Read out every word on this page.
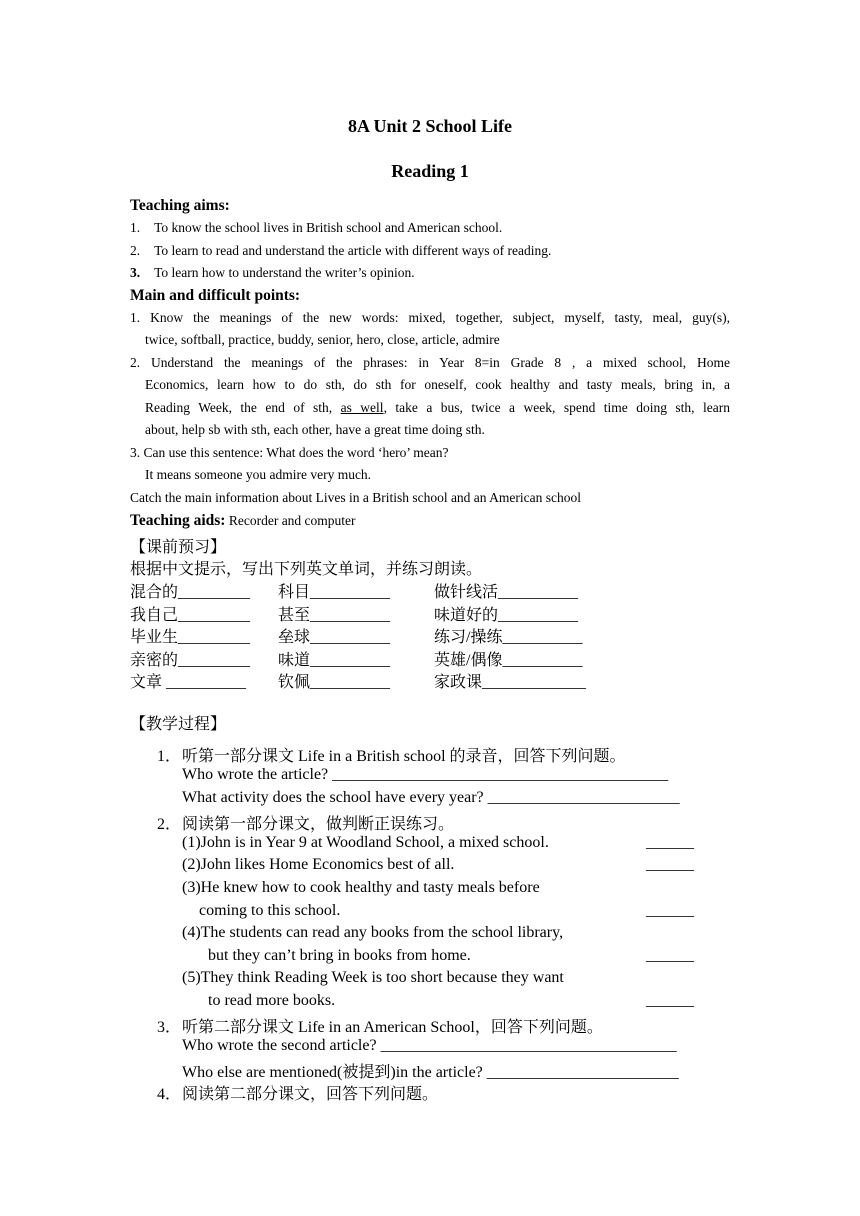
8A Unit 2 School Life
Reading 1
Teaching aims:
1. To know the school lives in British school and American school.
2. To learn to read and understand the article with different ways of reading.
3. To learn how to understand the writer’s opinion.
Main and difficult points:
1. Know the meanings of the new words: mixed, together, subject, myself, tasty, meal, guy(s),
twice, softball, practice, buddy, senior, hero, close, article, admire
2. Understand the meanings of the phrases: in Year 8=in Grade 8 , a mixed school, Home
Economics, learn how to do sth, do sth for oneself, cook healthy and tasty meals, bring in, a
Reading Week, the end of sth, as well, take a bus, twice a week, spend time doing sth, learn
about, help sb with sth, each other, have a great time doing sth.
3. Can use this sentence: What does the word ‘hero’ mean?
It means someone you admire very much.
Catch the main information about Lives in a British school and an American school
Teaching aids: Recorder and computer
【课前预习】
根据中文提示，写出下列英文单词，并练习朗读。
混合的_________ 科目__________	做针线活__________
我自己_________ 甚至__________	味道好的__________
毕业生_________ 垒球__________	练习/操练__________
亲密的_________ 味道__________	英雄/偶像__________
文章 __________ 钦佩__________	家政课_____________
【教学过程】
1． 听第一部分课文 Life in a British school 的录音，回答下列问题。
Who wrote the article? __________________________________________
What activity does the school have every year? ________________________
2． 阅读第一部分课文，做判断正误练习。
(1)John is in Year 9 at Woodland School, a mixed school.	______
(2)John likes Home Economics best of all.	______
(3)He knew how to cook healthy and tasty meals before
coming to this school.	______
(4)The students can read any books from the school library,
but they can’t bring in books from home.	______
(5)They think Reading Week is too short because they want
to read more books.	______
3． 听第二部分课文 Life in an American School，回答下列问题。
Who wrote the second article? _____________________________________
Who else are mentioned(被提到)in the article? ________________________
4． 阅读第二部分课文，回答下列问题。
